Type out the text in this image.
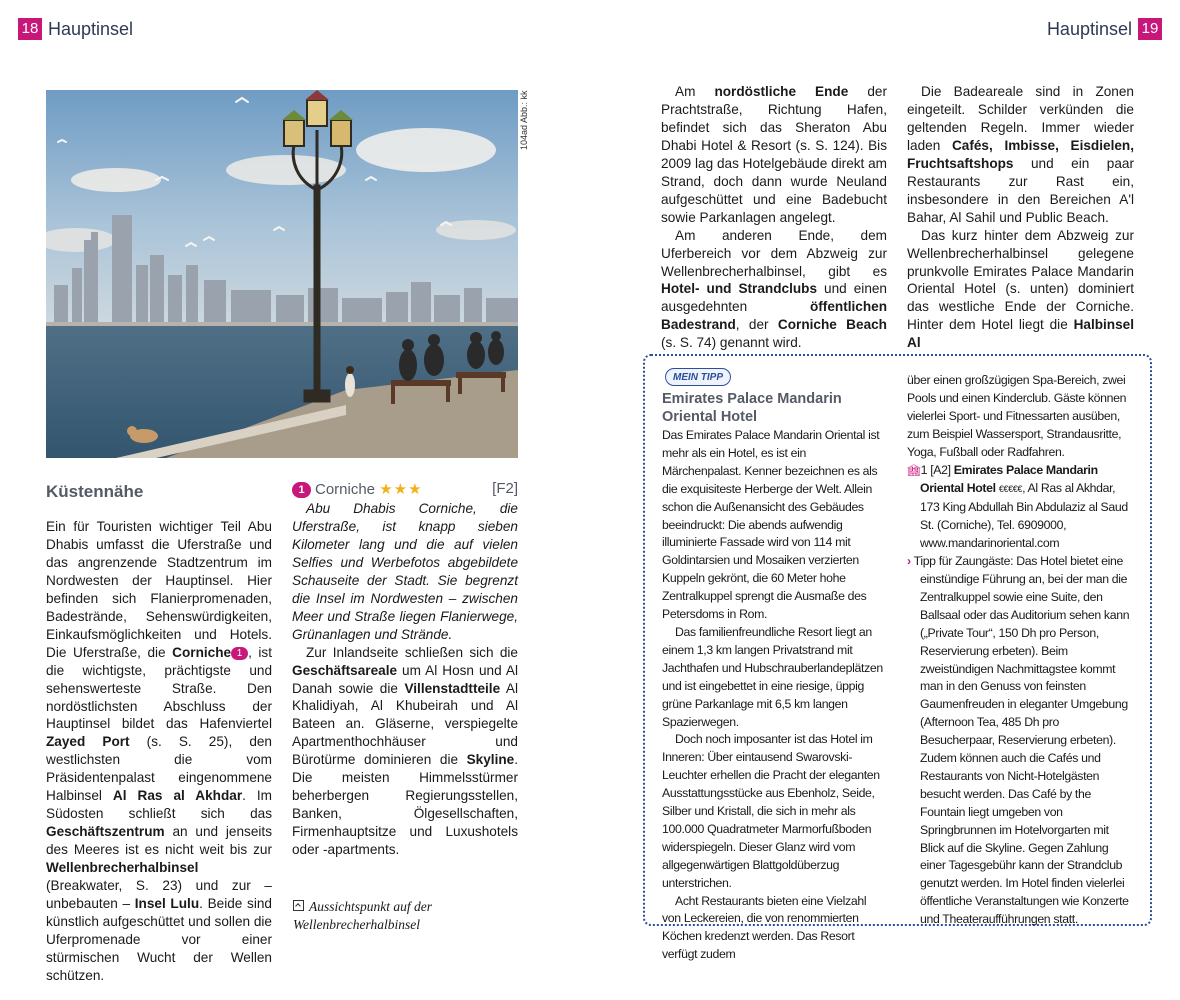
18 Hauptinsel	Hauptinsel 19
104ad Abb.: kk
Küstennähe

Ein für Touristen wichtiger Teil Abu Dhabis umfasst die Uferstraße und das angrenzende Stadtzentrum im Nordwesten der Hauptinsel. Hier befinden sich Flanierpromenaden, Badestrände, Sehenswürdigkeiten, Einkaufsmöglichkeiten und Hotels. Die Uferstraße, die Corniche 1 , ist die wichtigste, prächtigste und sehenswerteste Straße. Den nordöstlichsten Abschluss der Hauptinsel bildet das Hafenviertel Zayed Port (s. S. 25), den westlichsten die vom Präsidentenpalast eingenommene Halbinsel Al Ras al Akhdar. Im Südosten schließt sich das Geschäftszentrum an und jenseits des Meeres ist es nicht weit bis zur Wellenbrecherhalbinsel (Breakwater, S. 23) und zur – unbebauten – Insel Lulu. Beide sind künstlich aufgeschüttet und sollen die Uferpromenade vor einer stürmischen Wucht der Wellen schützen.

1 Corniche ★★★	[F2]

Abu Dhabis Corniche, die Uferstraße, ist knapp sieben Kilometer lang und die auf vielen Selfies und Werbefotos abgebildete Schauseite der Stadt. Sie begrenzt die Insel im Nordwesten – zwischen Meer und Straße liegen Flanierwege, Grünanlagen und Strände.

Zur Inlandseite schließen sich die Geschäftsareale um Al Hosn und Al Danah sowie die Villenstadtteile Al Khalidiyah, Al Khubeirah und Al Bateen an. Gläserne, verspiegelte Apartmenthochhäuser und Bürotürme dominieren die Skyline. Die meisten Himmelsstürmer beherbergen Regierungsstellen, Banken, Ölgesellschaften, Firmenhauptsitze und Luxushotels oder -apartments.

Aussichtspunkt auf der Wellenbrecherhalbinsel

Am nordöstliche Ende der Prachtstraße, Richtung Hafen, befindet sich das Sheraton Abu Dhabi Hotel & Resort (s. S. 124). Bis 2009 lag das Hotelgebäude direkt am Strand, doch dann wurde Neuland aufgeschüttet und eine Badebucht sowie Parkanlagen angelegt.

Am anderen Ende, dem Uferbereich vor dem Abzweig zur Wellenbrecherhalbinsel, gibt es Hotel- und Strandclubs und einen ausgedehnten öffentlichen Badestrand, der Corniche Beach (s. S. 74) genannt wird.

Die Badeareale sind in Zonen eingeteilt. Schilder verkünden die geltenden Regeln. Immer wieder laden Cafés, Imbisse, Eisdielen, Fruchtsaftshops und ein paar Restaurants zur Rast ein, insbesondere in den Bereichen A'l Bahar, Al Sahil und Public Beach.

Das kurz hinter dem Abzweig zur Wellenbrecherhalbinsel gelegene prunkvolle Emirates Palace Mandarin Oriental Hotel (s. unten) dominiert das westliche Ende der Corniche. Hinter dem Hotel liegt die Halbinsel Al

MEIN TIPP
Emirates Palace Mandarin Oriental Hotel

Das Emirates Palace Mandarin Oriental ist mehr als ein Hotel, es ist ein Märchenpalast. Kenner bezeichnen es als die exquisiteste Herberge der Welt. Allein schon die Außenansicht des Gebäudes beeindruckt: Die abends aufwendig illuminierte Fassade wird von 114 mit Goldintarsien und Mosaiken verzierten Kuppeln gekrönt, die 60 Meter hohe Zentralkuppel sprengt die Ausmaße des Petersdoms in Rom.

Das familienfreundliche Resort liegt an einem 1,3 km langen Privatstrand mit Jachthafen und Hubschrauberlandeplätzen und ist eingebettet in eine riesige, üppig grüne Parkanlage mit 6,5 km langen Spazierwegen.

Doch noch imposanter ist das Hotel im Inneren: Über eintausend Swarovski-Leuchter erhellen die Pracht der eleganten Ausstattungsstücke aus Ebenholz, Seide, Silber und Kristall, die sich in mehr als 100.000 Quadratmeter Marmorfußboden widerspiegeln. Dieser Glanz wird vom allgegenwärtigen Blattgoldüberzug unterstrichen.

Acht Restaurants bieten eine Vielzahl von Leckereien, die von renommierten Köchen kredenzt werden. Das Resort verfügt zudem

über einen großzügigen Spa-Bereich, zwei Pools und einen Kinderclub. Gäste können vielerlei Sport- und Fitnessarten ausüben, zum Beispiel Wassersport, Strandausritte, Yoga, Fußball oder Radfahren.

🏨︎1 [A2] Emirates Palace Mandarin Oriental Hotel €€€€€, Al Ras al Akhdar, 173 King Abdullah Bin Abdulaziz al Saud St. (Corniche), Tel. 6909000, www.mandarinoriental.com

› Tipp für Zaungäste: Das Hotel bietet eine einstündige Führung an, bei der man die Zentralkuppel sowie eine Suite, den Ballsaal oder das Auditorium sehen kann („Private Tour“, 150 Dh pro Person, Reservierung erbeten). Beim zweistündigen Nachmittagstee kommt man in den Genuss von feinsten Gaumenfreuden in eleganter Umgebung (Afternoon Tea, 485 Dh pro Besucherpaar, Reservierung erbeten). Zudem können auch die Cafés und Restaurants von Nicht-Hotelgästen besucht werden. Das Café by the Fountain liegt umgeben von Springbrunnen im Hotelvorgarten mit Blick auf die Skyline. Gegen Zahlung einer Tagesgebühr kann der Strandclub genutzt werden. Im Hotel finden vielerlei öffentliche Veranstaltungen wie Konzerte und Theateraufführungen statt.
